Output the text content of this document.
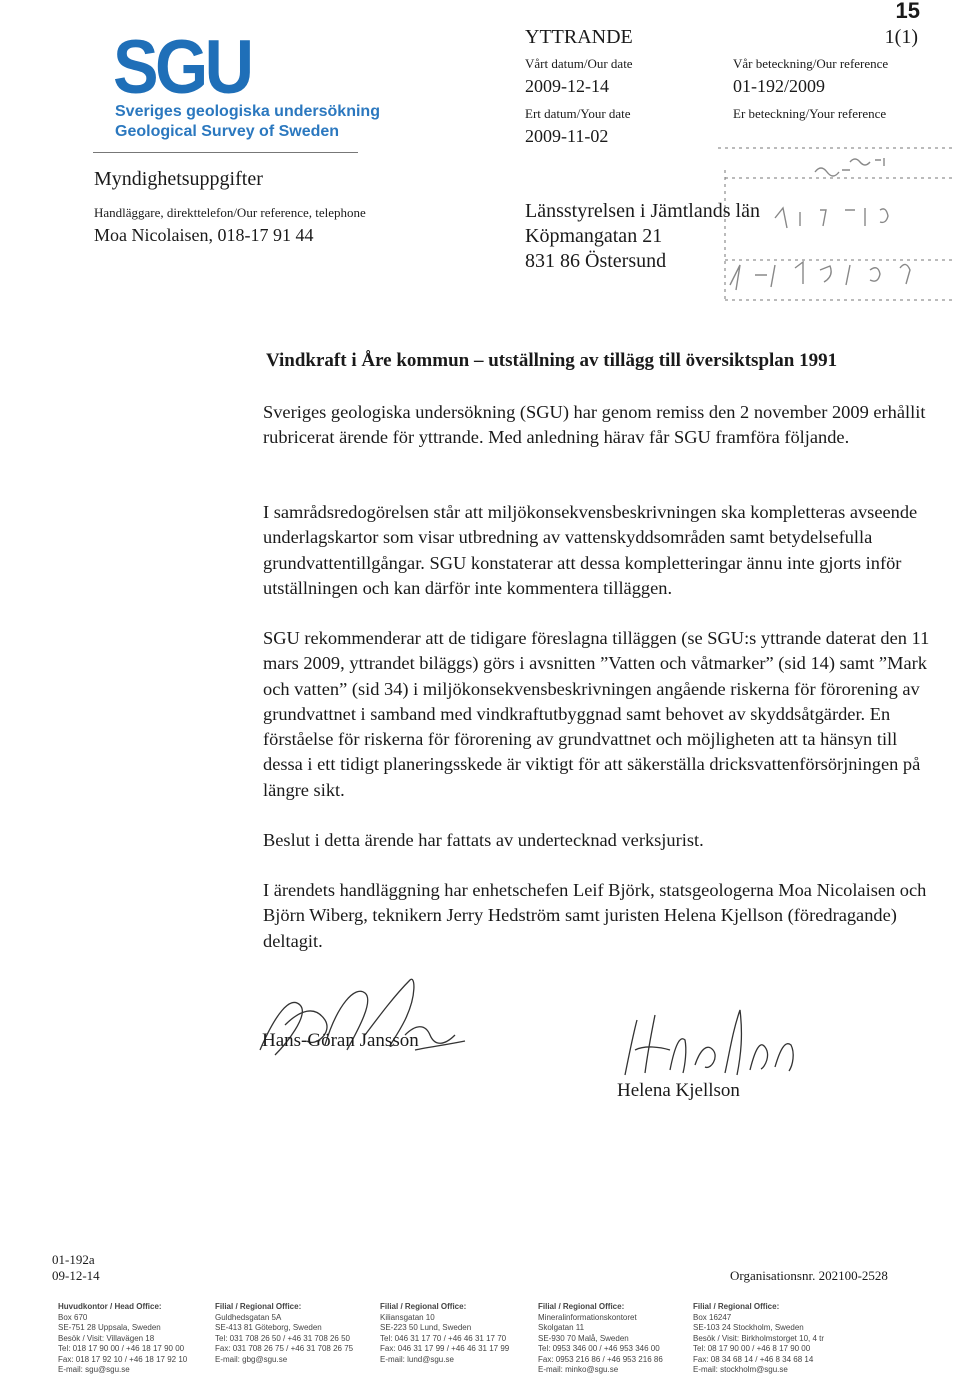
15
SGU
Sveriges geologiska undersökning
Geological Survey of Sweden
Myndighetsuppgifter
Handläggare, direkttelefon/Our reference, telephone
Moa Nicolaisen, 018-17 91 44
YTTRANDE	1(1)
Vårt datum/Our date	Vår beteckning/Our reference
2009-12-14	01-192/2009
Ert datum/Your date	Er beteckning/Your reference
2009-11-02
Länsstyrelsen i Jämtlands län
Köpmangatan 21
831 86 Östersund
Vindkraft i Åre kommun – utställning av tillägg till översiktsplan 1991

Sveriges geologiska undersökning (SGU) har genom remiss den 2 november 2009 erhållit rubricerat ärende för yttrande. Med anledning härav får SGU framföra följande.

I samrådsredogörelsen står att miljökonsekvensbeskrivningen ska kompletteras avseende underlagskartor som visar utbredning av vattenskyddsområden samt betydelsefulla grundvattentillgångar. SGU konstaterar att dessa kompletteringar ännu inte gjorts inför utställningen och kan därför inte kommentera tilläggen.

SGU rekommenderar att de tidigare föreslagna tilläggen (se SGU:s yttrande daterat den 11 mars 2009, yttrandet biläggs) görs i avsnitten ”Vatten och våtmarker” (sid 14) samt ”Mark och vatten” (sid 34) i miljökonsekvensbeskrivningen angående riskerna för förorening av grundvattnet i samband med vindkraftutbyggnad samt behovet av skyddsåtgärder. En förståelse för riskerna för förorening av grundvattnet och möjligheten att ta hänsyn till dessa i ett tidigt planeringsskede är viktigt för att säkerställa dricksvattenförsörjningen på längre sikt.

Beslut i detta ärende har fattats av undertecknad verksjurist.

I ärendets handläggning har enhetschefen Leif Björk, statsgeologerna Moa Nicolaisen och Björn Wiberg, teknikern Jerry Hedström samt juristen Helena Kjellson (föredragande) deltagit.

Hans-Göran Jansson
Helena Kjellson
01-192a
09-12-14	Organisationsnr. 202100-2528
Huvudkontor / Head Office:
Box 670
SE-751 28 Uppsala, Sweden
Besök / Visit: Villavägen 18
Tel: 018 17 90 00 / +46 18 17 90 00
Fax: 018 17 92 10 / +46 18 17 92 10
E-mail: sgu@sgu.se
Filial / Regional Office:
Guldhedsgatan 5A
SE-413 81 Göteborg, Sweden
Tel: 031 708 26 50 / +46 31 708 26 50
Fax: 031 708 26 75 / +46 31 708 26 75
E-mail: gbg@sgu.se
Filial / Regional Office:
Kiliansgatan 10
SE-223 50 Lund, Sweden
Tel: 046 31 17 70 / +46 46 31 17 70
Fax: 046 31 17 99 / +46 46 31 17 99
E-mail: lund@sgu.se
Filial / Regional Office:
Mineralinformationskontoret
Skolgatan 11
SE-930 70 Malå, Sweden
Tel: 0953 346 00 / +46 953 346 00
Fax: 0953 216 86 / +46 953 216 86
E-mail: minko@sgu.se
Filial / Regional Office:
Box 16247
SE-103 24 Stockholm, Sweden
Besök / Visit: Birkholmstorget 10, 4 tr
Tel: 08 17 90 00 / +46 8 17 90 00
Fax: 08 34 68 14 / +46 8 34 68 14
E-mail: stockholm@sgu.se
